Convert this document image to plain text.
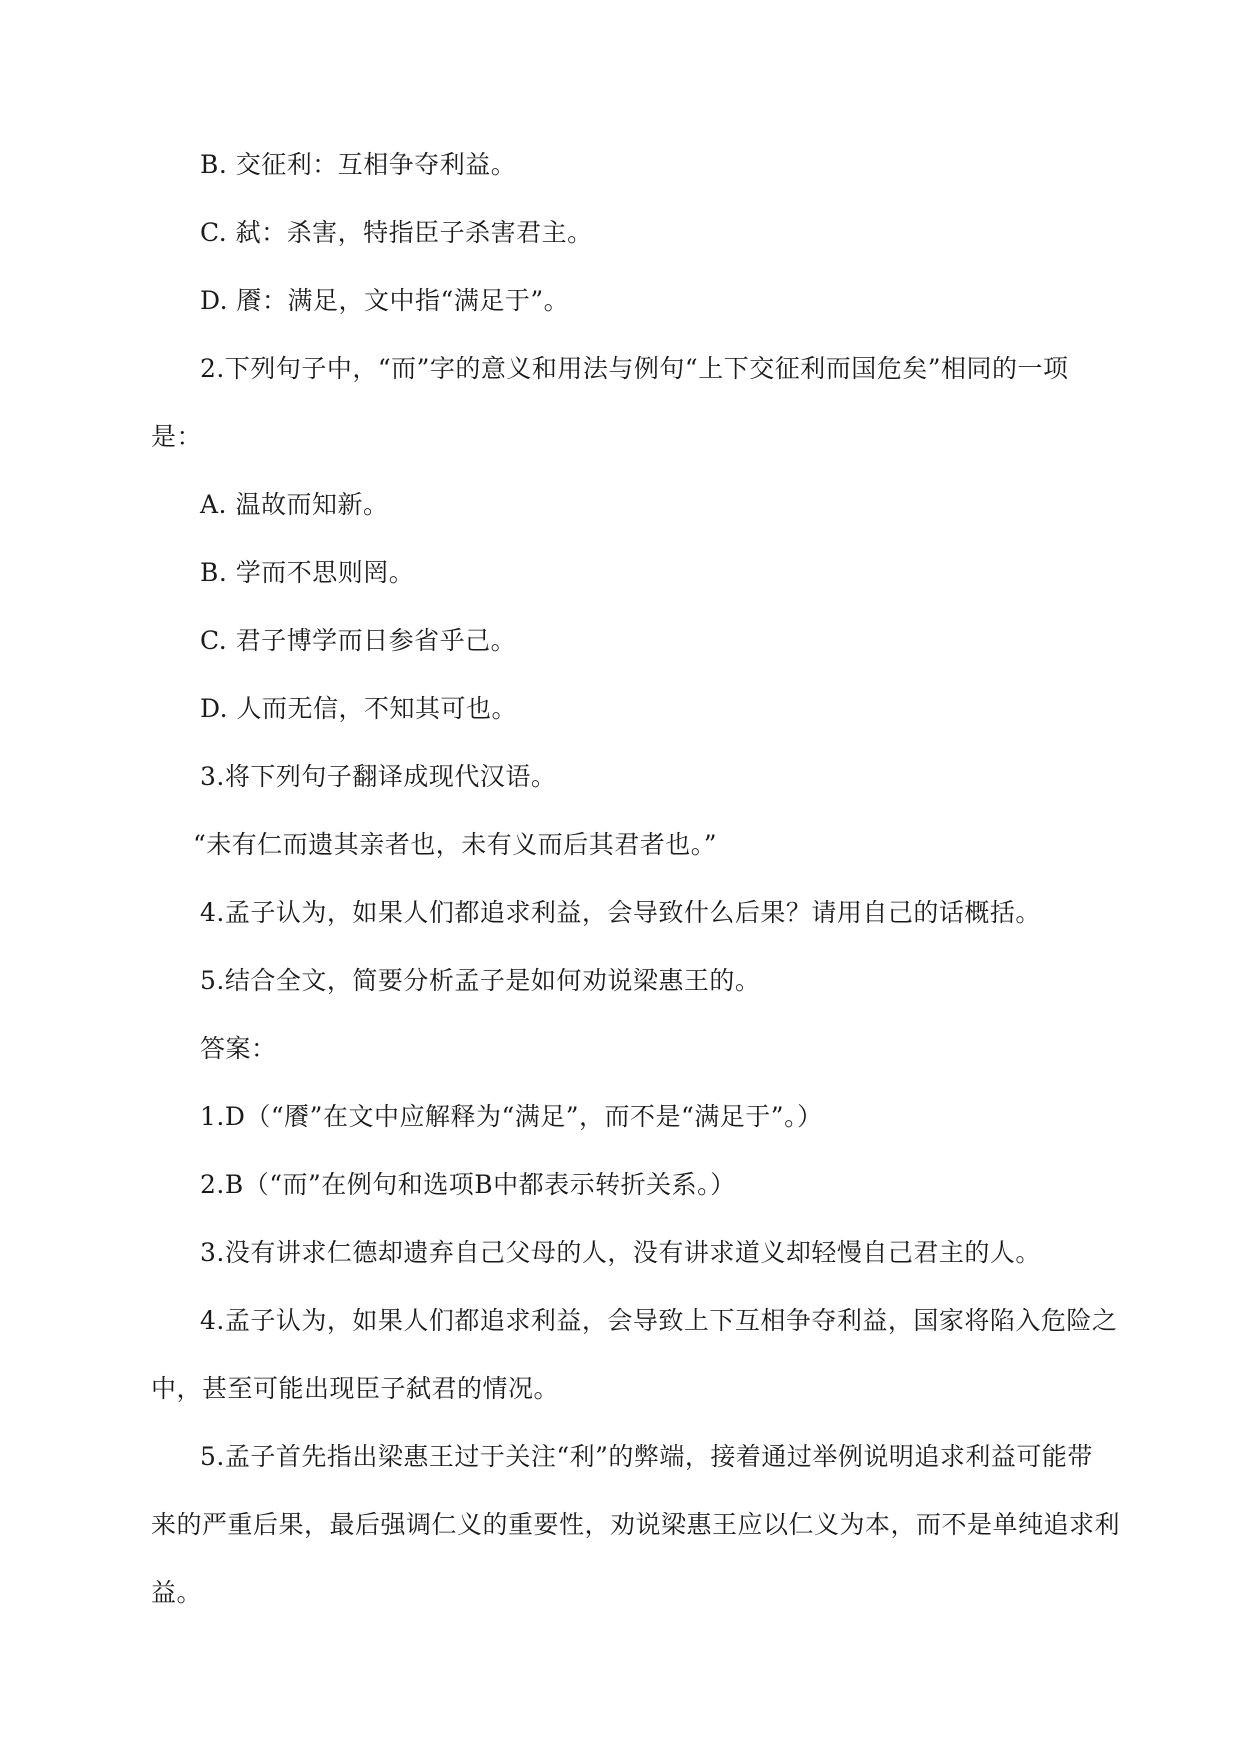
B. 交征利：互相争夺利益。
C. 弑：杀害，特指臣子杀害君主。
D. 餍：满足，文中指“满足于”。
2.下列句子中，“而”字的意义和用法与例句“上下交征利而国危矣”相同的一项
是：
A. 温故而知新。
B. 学而不思则罔。
C. 君子博学而日参省乎己。
D. 人而无信，不知其可也。
3.将下列句子翻译成现代汉语。
“未有仁而遗其亲者也，未有义而后其君者也。”
4.孟子认为，如果人们都追求利益，会导致什么后果？请用自己的话概括。
5.结合全文，简要分析孟子是如何劝说梁惠王的。
答案：
1.D（“餍”在文中应解释为“满足”，而不是“满足于”。）
2.B（“而”在例句和选项B中都表示转折关系。）
3.没有讲求仁德却遗弃自己父母的人，没有讲求道义却轻慢自己君主的人。
4.孟子认为，如果人们都追求利益，会导致上下互相争夺利益，国家将陷入危险之
中，甚至可能出现臣子弑君的情况。
5.孟子首先指出梁惠王过于关注“利”的弊端，接着通过举例说明追求利益可能带
来的严重后果，最后强调仁义的重要性，劝说梁惠王应以仁义为本，而不是单纯追求利
益。
